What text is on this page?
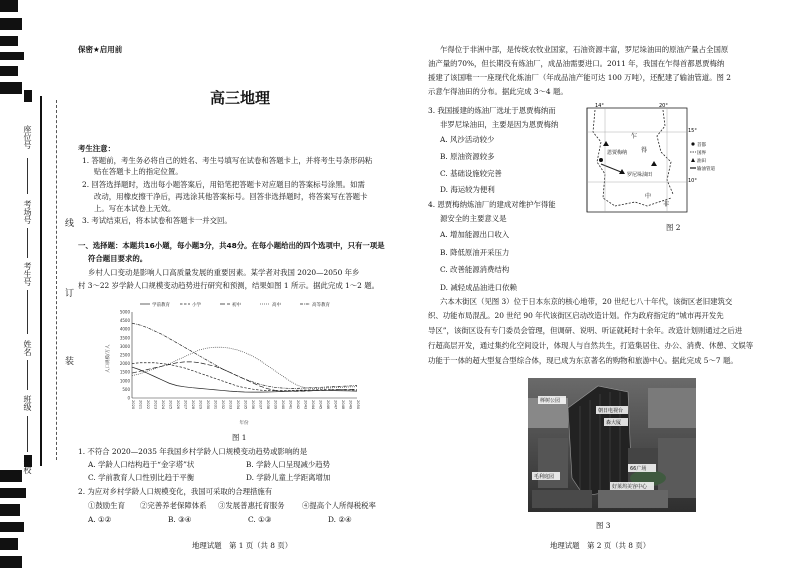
座位号
考场号
考生号
姓名
班级
学校
线
订
装
保密★启用前
高三地理
考生注意：
1. 答题前，考生务必将自己的姓名、考生号填写在试卷和答题卡上，并将考生号条形码粘
贴在答题卡上的指定位置。
2. 回答选择题时，选出每小题答案后，用铅笔把答题卡对应题目的答案标号涂黑。如需
改动，用橡皮擦干净后，再选涂其他答案标号。回答非选择题时，将答案写在答题卡
上。写在本试卷上无效。
3. 考试结束后，将本试卷和答题卡一并交回。
一、选择题：本题共16小题，每小题3分，共48分。在每小题给出的四个选项中，只有一项是
符合题目要求的。
乡村人口变动是影响人口高质量发展的重要因素。某学者对我国 2020—2050 年乡
村 3～22 岁学龄人口规模变动趋势进行研究和预测，结果如图 1 所示。据此完成 1～2 题。
0
500
1000
1500
2000
2500
3000
3500
4000
4500
5000
2020 2021 2022 2023 2024 2025 2026 2027 2028 2029 2030 2031 2032 2033 2034 2035 2036 2037 2038 2039 2040 2041 2042 2043 2044 2045 2046 2047 2048 2049 2050
人口规模/万人
年份
学前教育	小学	初中	高中	高等教育
图 1
1. 不符合 2020—2035 年我国乡村学龄人口规模变动趋势或影响的是
A. 学龄人口结构趋于“金字塔”状	B. 学龄人口呈现减少趋势
C. 学前教育人口性别比趋于平衡	D. 学龄儿童上学距离增加
2. 为应对乡村学龄人口规模变化，我国可采取的合理措施有
①鼓励生育 ②完善养老保障体系 ③发展普惠托育服务 ④提高个人所得税税率
A. ①②	B. ③④	C. ①③	D. ②④
地理试题　第 1 页（共 8 页）
乍得位于非洲中部，是传统农牧业国家，石油资源丰富，罗尼垛油田的原油产量占全国原
油产量的70%，但长期没有炼油厂，成品油需要进口。2011 年，我国在乍得首都恩贾梅纳
援建了该国唯一一座现代化炼油厂（年成品油产能可达 100 万吨），还配建了输油管道。图 2
示意乍得油田的分布。据此完成 3～4 题。
3. 我国援建的炼油厂选址于恩贾梅纳而
非罗尼垛油田，主要是因为恩贾梅纳
A. 风沙活动较少
B. 原油资源较多
C. 基础设施较完善
D. 海运较为便利
4. 恩贾梅纳炼油厂的建成对维护乍得能
源安全的主要意义是
A. 增加能源出口收入
B. 降低原油开采压力
C. 改善能源消费结构
D. 减轻成品油进口依赖
14°	20°
15°
10°
乍
得
恩贾梅纳
罗尼垛油田
中
非
首都
国界
油田
输油管道
图 2
六本木街区（见图 3）位于日本东京的核心地带，20 世纪七八十年代，该街区老旧建筑交
织、功能布局混乱。20 世纪 90 年代该街区启动改造计划。作为政府指定的“城市再开发先
导区”，该街区设有专门委员会管理，但调研、说明、听证就耗时十余年。改造计划则通过之后进
行超高层开发，通过集约化空间设计，体现人与自然共生，打造集居住、办公、消费、休憩、文娱等
功能于一体的超大型复合型综合体，现已成为东京著名的购物和旅游中心。据此完成 5～7 题。
榉树公园
朝日电视台
森大厦
毛利庭园
66广场
好莱坞美容中心
图 3
地理试题　第 2 页（共 8 页）
